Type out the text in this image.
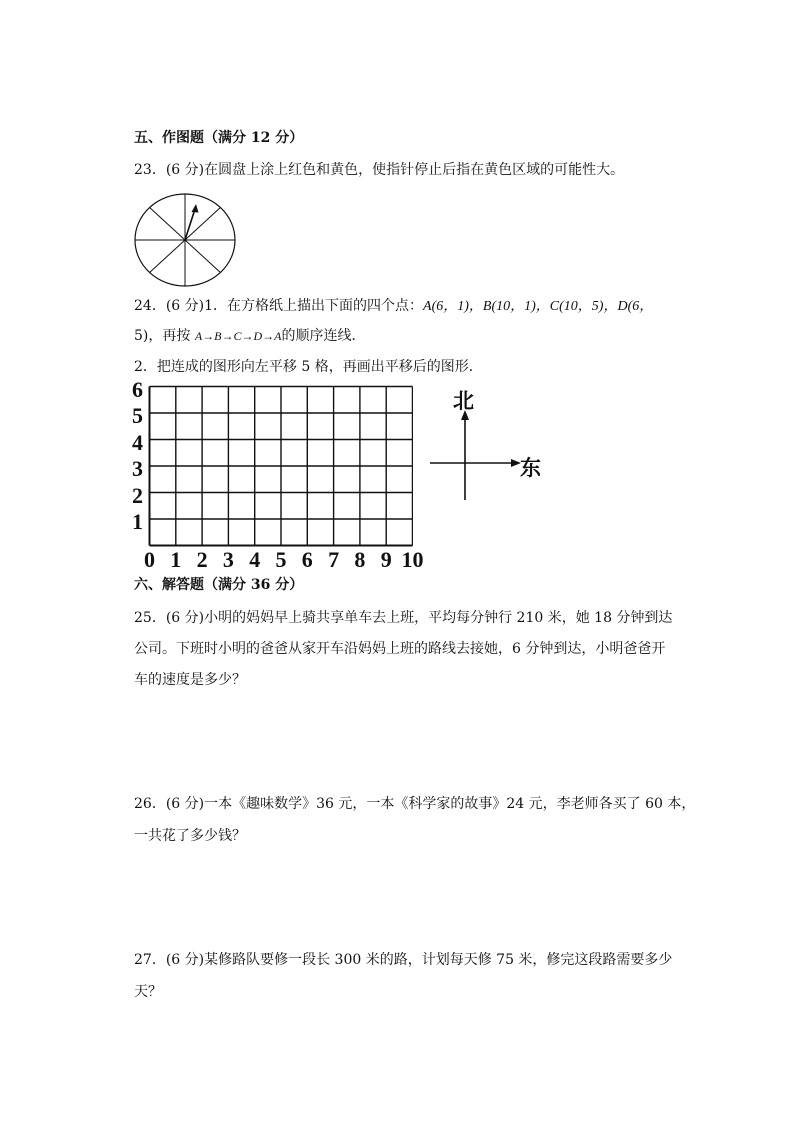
五、作图题（满分 12 分）
23．(6 分)在圆盘上涂上红色和黄色，使指针停止后指在黄色区域的可能性大。
24．(6 分)1．在方格纸上描出下面的四个点：A(6，1)，B(10，1)，C(10，5)，D(6，
5)，再按 A→B→C→D→A的顺序连线．
2．把连成的图形向左平移 5 格，再画出平移后的图形．
1
2
3
4
5
6
0 1 2 3 4 5 6 7 8 9 10
北
东
六、解答题（满分 36 分）
25．(6 分)小明的妈妈早上骑共享单车去上班，平均每分钟行 210 米，她 18 分钟到达
公司。下班时小明的爸爸从家开车沿妈妈上班的路线去接她，6 分钟到达，小明爸爸开
车的速度是多少？
26．(6 分)一本《趣味数学》36 元，一本《科学家的故事》24 元，李老师各买了 60 本，
一共花了多少钱？
27．(6 分)某修路队要修一段长 300 米的路，计划每天修 75 米，修完这段路需要多少
天？
